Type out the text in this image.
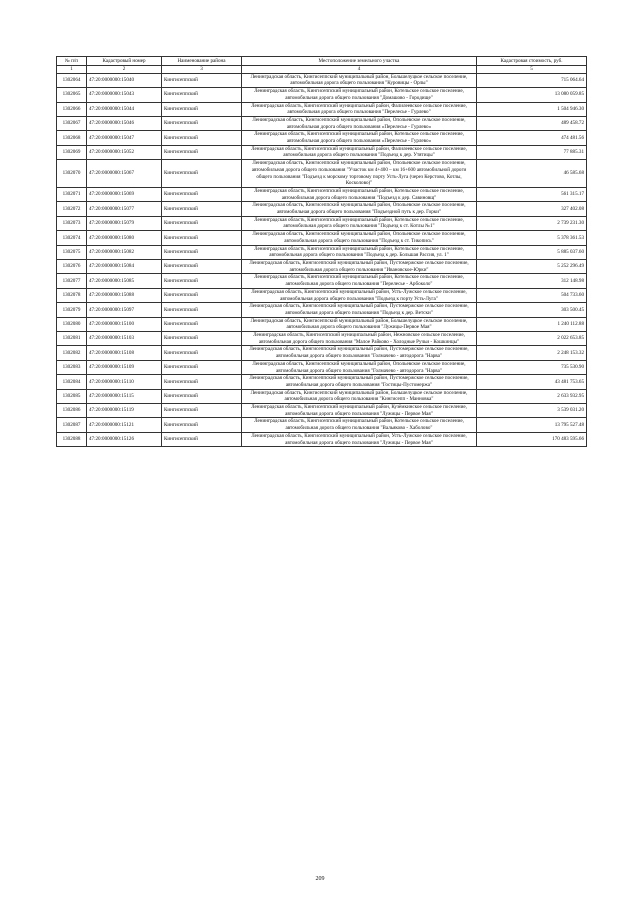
№ п/п	Кадастровый номер	Наименование района	Местоположение земельного участка	Кадастровая стоимость, руб.
1	2	3	4	5
1302064	47:20:0000000:15040	Кингисеппский	Ленинградская область, Кингисеппский муниципальный район, Большелуцкое сельское поселение, автомобильная дорога общего пользования "Куровицы - Орлы"	715 064.64
1302065	47:20:0000000:15043	Кингисеппский	Ленинградская область, Кингисеппский муниципальный район, Котельское сельское поселение, автомобильная дорога общего пользования "Домашово - Городище"	13 080 059.85
1302066	47:20:0000000:15044	Кингисеппский	Ленинградская область, Кингисеппский муниципальный район, Фалилеевское сельское поселение, автомобильная дорога общего пользования "Перелесье - Гурлево"	1 504 946.30
1302067	47:20:0000000:15046	Кингисеппский	Ленинградская область, Кингисеппский муниципальный район, Опольевское сельское поселение, автомобильная дорога общего пользования «Перелесье - Гурлево»	489 458.72
1302068	47:20:0000000:15047	Кингисеппский	Ленинградская область, Кингисеппский муниципальный район, Котельское сельское поселение, автомобильная дорога общего пользования «Перелесье - Гурлево»	474 481.56
1302069	47:20:0000000:15052	Кингисеппский	Ленинградская область, Кингисеппский муниципальный район, Фалилеевское сельское поселение, автомобильная дорога общего пользования "Подъезд к дер. Утятицы"	77 885.31
1302070	47:20:0000000:15067	Кингисеппский	Ленинградская область, Кингисеппский муниципальный район, Опольевское сельское поселение, автомобильная дорога общего пользования "Участок км 4+400 – км 16+600 автомобильной дороги общего пользования "Подъезд к морскому торговому порту Усть-Луга (через Керстово, Котлы, Косколово)"	46 585.68
1302071	47:20:0000000:15069	Кингисеппский	Ленинградская область, Кингисеппский муниципальный район, Котельское сельское поселение, автомобильная дорога общего пользования "Подъезд к дер. Савиновщ"	561 315.17
1302072	47:20:0000000:15077	Кингисеппский	Ленинградская область, Кингисеппский муниципальный район, Опольевское сельское поселение, автомобильная дорога общего пользования "Подъездной путь к дер. Горки"	327 402.08
1302073	47:20:0000000:15079	Кингисеппский	Ленинградская область, Кингисеппский муниципальный район, Котельское сельское поселение, автомобильная дорога общего пользования "Подъезд к ст. Котлы №1"	2 739 231.30
1302074	47:20:0000000:15080	Кингисеппский	Ленинградская область, Кингисеппский муниципальный район, Опольевское сельское поселение, автомобильная дорога общего пользования "Подъезд к ст. Тикопись"	5 378 361.53
1302075	47:20:0000000:15082	Кингисеппский	Ленинградская область, Кингисеппский муниципальный район, Котельское сельское поселение, автомобильная дорога общего пользования "Подъезд к дер. Большая Рассия, ул. 1"	5 885 037.60
1302076	47:20:0000000:15084	Кингисеппский	Ленинградская область, Кингисеппский муниципальный район, Пустомержское сельское поселение, автомобильная дорога общего пользования "Ивановское-Юрки"	5 252 296.49
1302077	47:20:0000000:15085	Кингисеппский	Ленинградская область, Кингисеппский муниципальный район, Котельское сельское поселение, автомобильная дорога общего пользования "Перелесье - Арбоколо"	312 148.98
1302078	47:20:0000000:15088	Кингисеппский	Ленинградская область, Кингисеппский муниципальный район, Усть-Лужское сельское поселение, автомобильная дорога общего пользования "Подъезд к порту Усть-Луга"	504 733.60
1302079	47:20:0000000:15097	Кингисеппский	Ленинградская область, Кингисеппский муниципальный район, Пустомержское сельское поселение, автомобильная дорога общего пользования "Подъезд к дер. Ветски"	303 500.45
1302080	47:20:0000000:15100	Кингисеппский	Ленинградская область, Кингисеппский муниципальный район, Большелуцкое сельское поселение, автомобильная дорога общего пользования "Лужицы-Первое Мая"	1 240 112.88
1302081	47:20:0000000:15103	Кингисеппский	Ленинградская область, Кингисеппский муниципальный район, Нежновское сельское поселение, автомобильная дорога общего пользования "Малое Райково - Холодные Ручьи - Кошкинцы"	2 022 653.85
1302082	47:20:0000000:15108	Кингисеппский	Ленинградская область, Кингисеппский муниципальный район, Пустомержское сельское поселение, автомобильная дорога общего пользования "Голмачево - автодорога "Нарва"	2 248 153.32
1302083	47:20:0000000:15109	Кингисеппский	Ленинградская область, Кингисеппский муниципальный район, Опольевское сельское поселение, автомобильная дорога общего пользования "Голмачево - автодорога "Нарва"	735 530.90
1302084	47:20:0000000:15110	Кингисеппский	Ленинградская область, Кингисеппский муниципальный район, Пустомержское сельское поселение, автомобильная дорога общего пользования "Гостицы-Пустомержа"	43 481 753.65
1302085	47:20:0000000:15115	Кингисеппский	Ленинградская область, Кингисеппский муниципальный район, Большелуцкое сельское поселение, автомобильная дорога общего пользования "Кингисепп - Манновка"	2 633 932.95
1302086	47:20:0000000:15119	Кингисеппский	Ленинградская область, Кингисеппский муниципальный район, Кузёмкинское сельское поселение, автомобильная дорога общего пользования "Лужицы - Первое Мая"	3 539 031.20
1302087	47:20:0000000:15121	Кингисеппский	Ленинградская область, Кингисеппский муниципальный район, Котельское сельское поселение, автомобильная дорога общего пользования "Вальяково - Хаболово"	13 795 527.48
1302088	47:20:0000000:15126	Кингисеппский	Ленинградская область, Кингисеппский муниципальный район, Усть-Лужское сельское поселение, автомобильная дорога общего пользования "Лужицы - Первое Мая"	170 483 595.66
209
